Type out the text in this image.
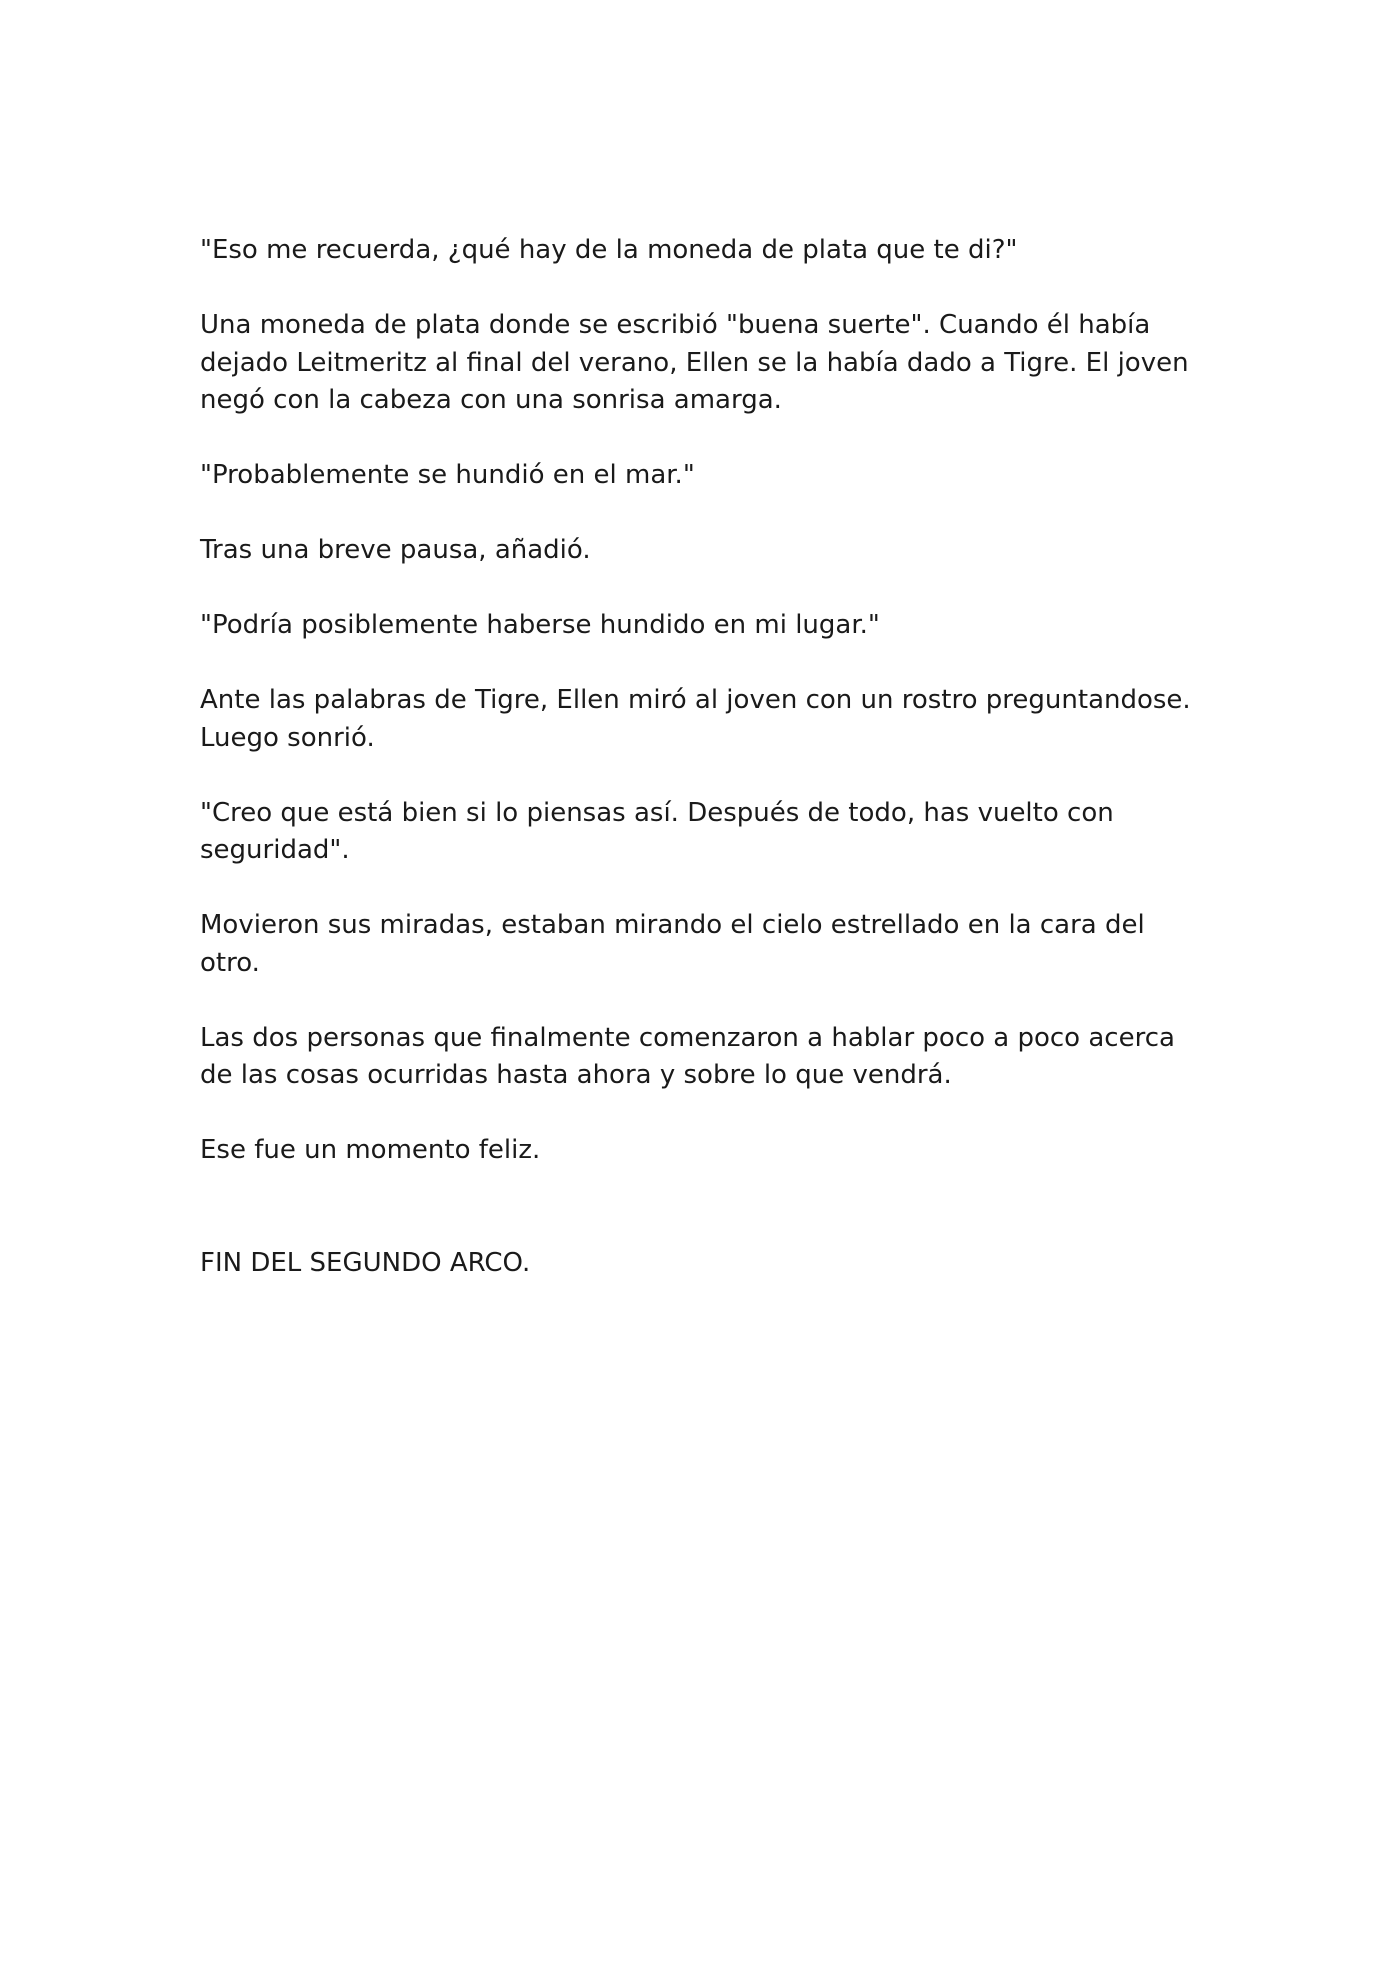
"Eso me recuerda, ¿qué hay de la moneda de plata que te di?"

Una moneda de plata donde se escribió "buena suerte". Cuando él había dejado Leitmeritz al final del verano, Ellen se la había dado a Tigre. El joven negó con la cabeza con una sonrisa amarga.

"Probablemente se hundió en el mar."

Tras una breve pausa, añadió.

"Podría posiblemente haberse hundido en mi lugar."

Ante las palabras de Tigre, Ellen miró al joven con un rostro preguntandose. Luego sonrió.

"Creo que está bien si lo piensas así. Después de todo, has vuelto con seguridad".

Movieron sus miradas, estaban mirando el cielo estrellado en la cara del otro.

Las dos personas que finalmente comenzaron a hablar poco a poco acerca de las cosas ocurridas hasta ahora y sobre lo que vendrá.

Ese fue un momento feliz.

FIN DEL SEGUNDO ARCO.
